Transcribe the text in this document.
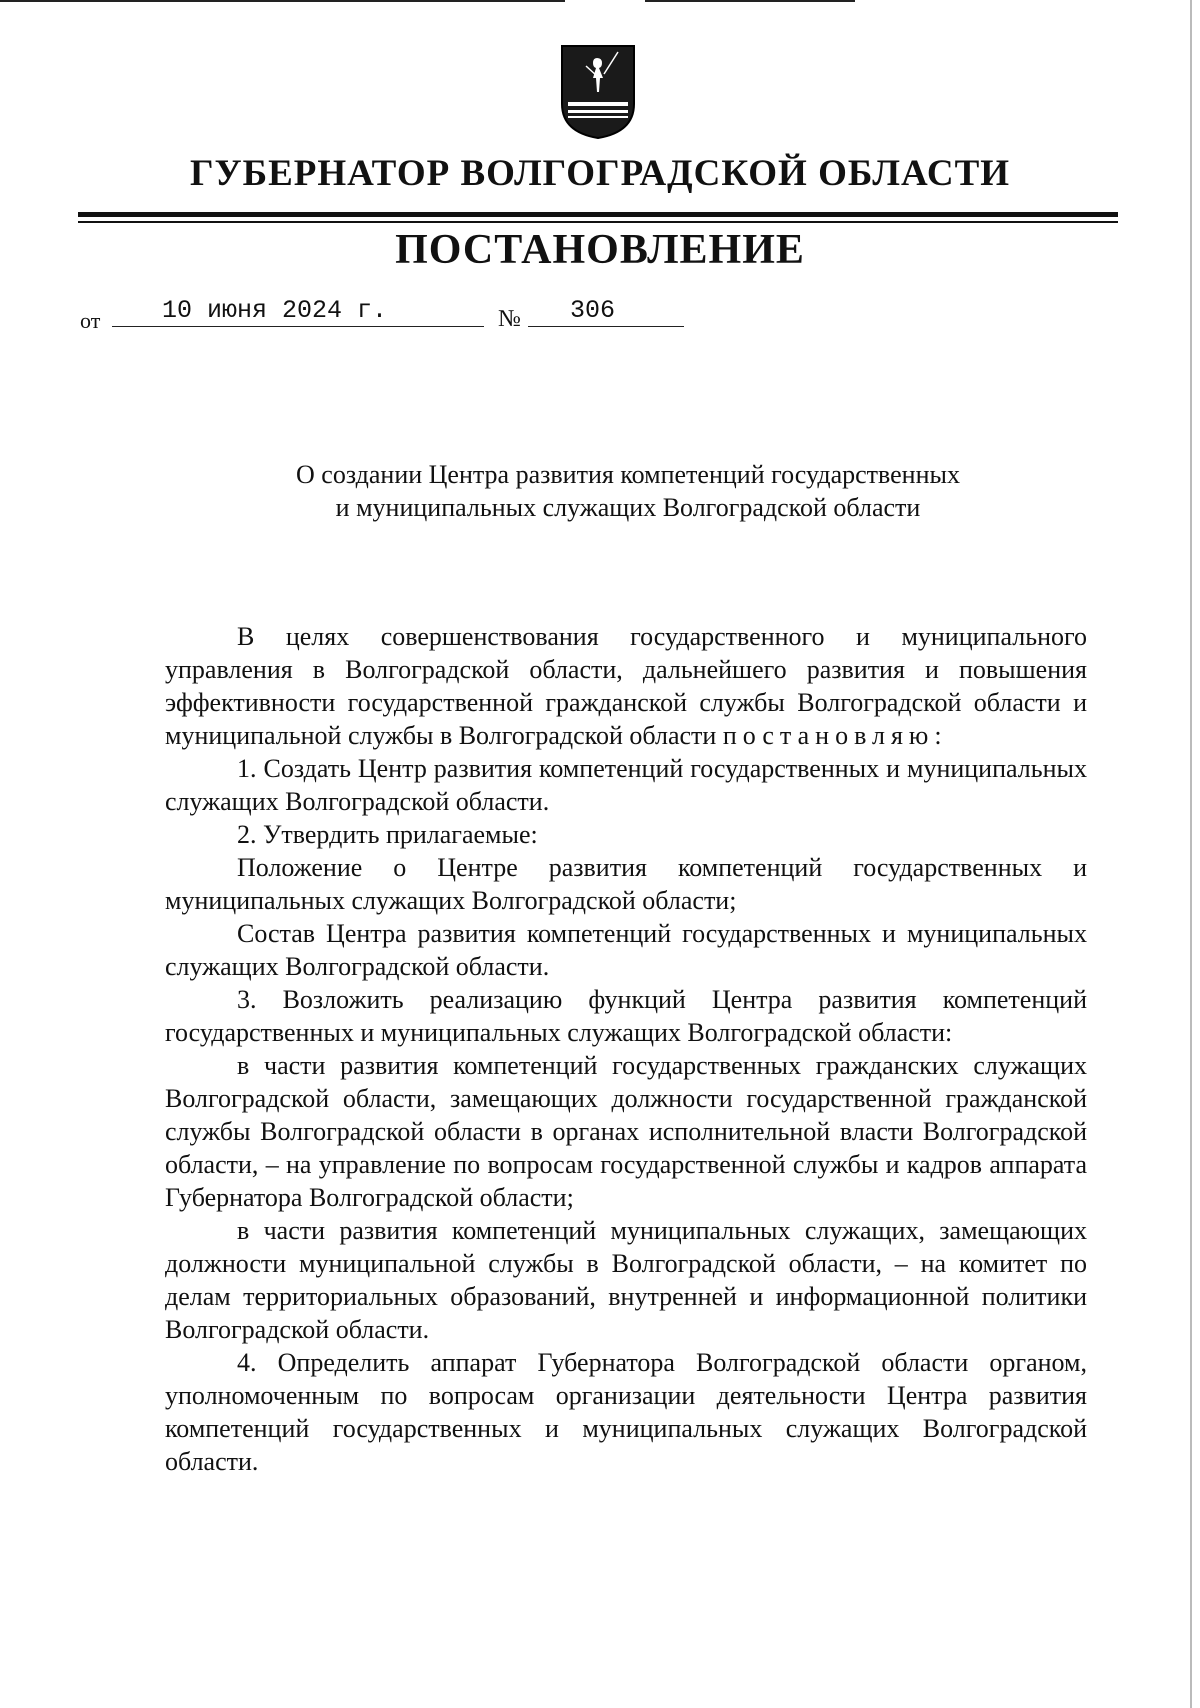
ГУБЕРНАТОР ВОЛГОГРАДСКОЙ ОБЛАСТИ
ПОСТАНОВЛЕНИЕ
от 10 июня 2024 г.	№ 306
О создании Центра развития компетенций государственных
и муниципальных служащих Волгоградской области

В целях совершенствования государственного и муниципального управления в Волгоградской области, дальнейшего развития и повышения эффективности государственной гражданской службы Волгоградской области и муниципальной службы в Волгоградской области постановляю:

1. Создать Центр развития компетенций государственных и муниципальных служащих Волгоградской области.

2. Утвердить прилагаемые:

Положение о Центре развития компетенций государственных и муниципальных служащих Волгоградской области;

Состав Центра развития компетенций государственных и муниципальных служащих Волгоградской области.

3. Возложить реализацию функций Центра развития компетенций государственных и муниципальных служащих Волгоградской области:

в части развития компетенций государственных гражданских служащих Волгоградской области, замещающих должности государственной гражданской службы Волгоградской области в органах исполнительной власти Волгоградской области, – на управление по вопросам государственной службы и кадров аппарата Губернатора Волгоградской области;

в части развития компетенций муниципальных служащих, замещающих должности муниципальной службы в Волгоградской области, – на комитет по делам территориальных образований, внутренней и информационной политики Волгоградской области.

4. Определить аппарат Губернатора Волгоградской области органом, уполномоченным по вопросам организации деятельности Центра развития компетенций государственных и муниципальных служащих Волгоградской области.
